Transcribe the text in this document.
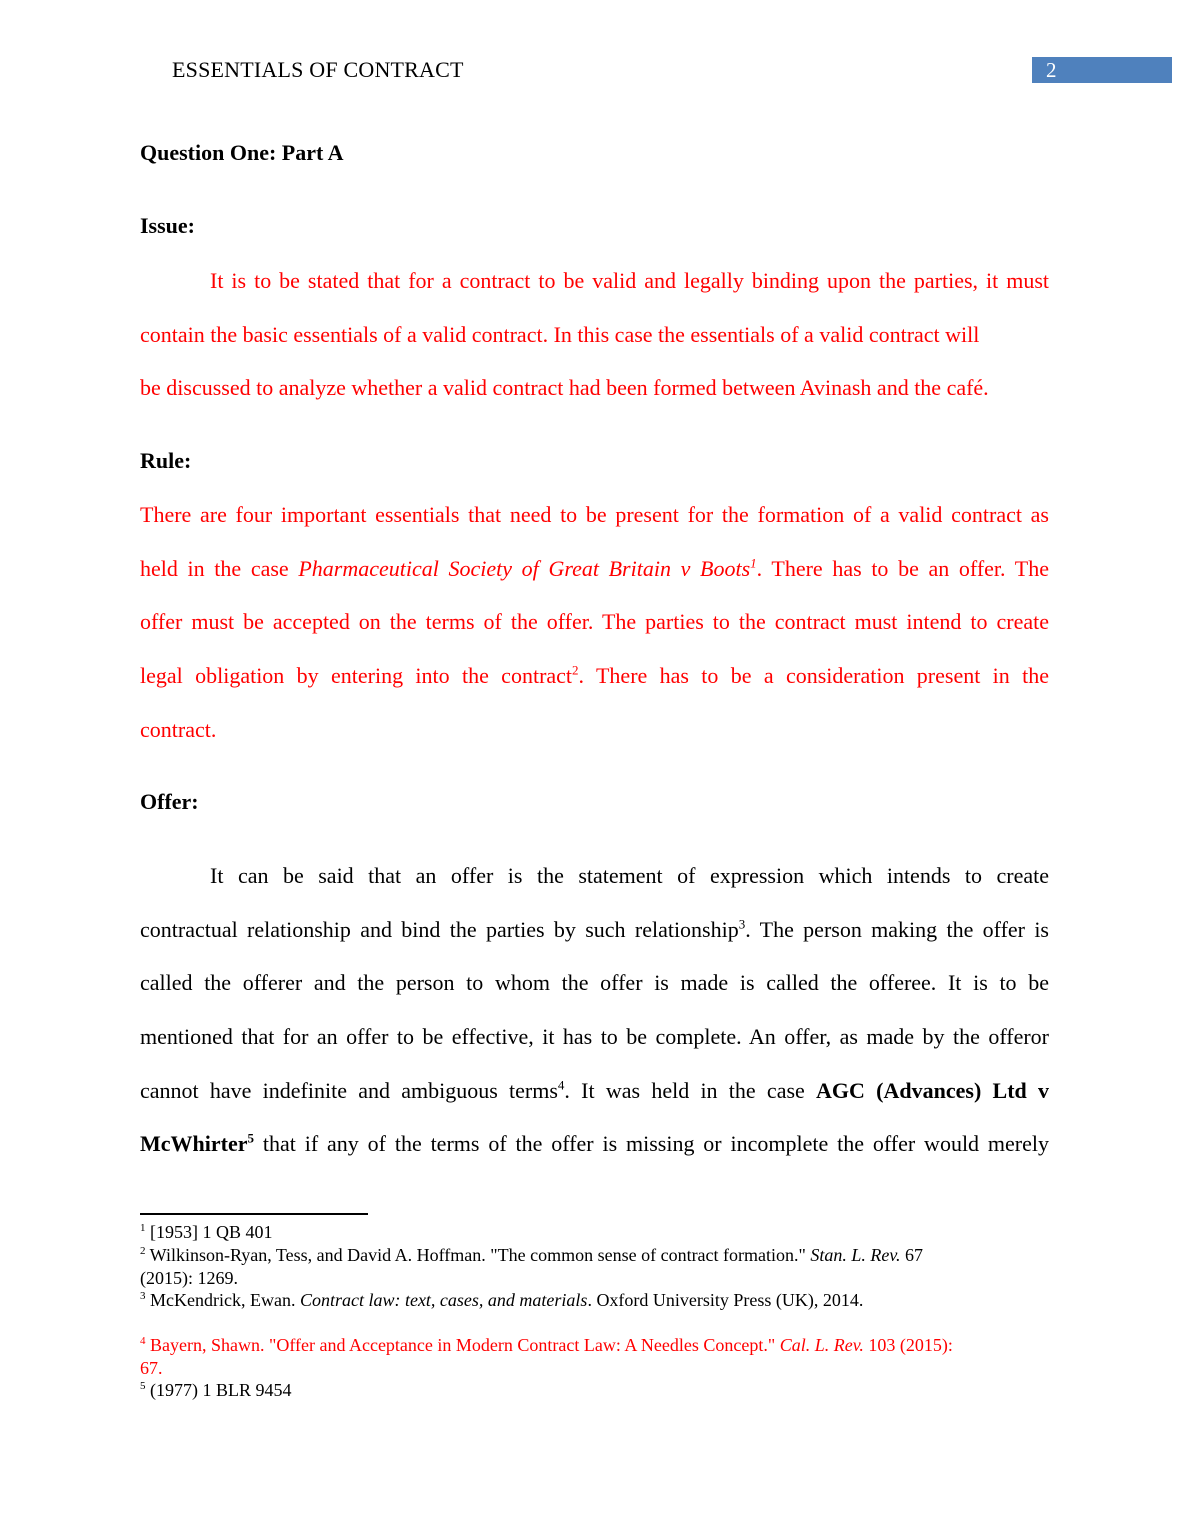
ESSENTIALS OF CONTRACT	2
Question One: Part A
Issue:
It is to be stated that for a contract to be valid and legally binding upon the parties, it must
contain the basic essentials of a valid contract. In this case the essentials of a valid contract will
be discussed to analyze whether a valid contract had been formed between Avinash and the café.
Rule:
There are four important essentials that need to be present for the formation of a valid contract as
held in the case Pharmaceutical Society of Great Britain v Boots$^1$. There has to be an offer. The
offer must be accepted on the terms of the offer. The parties to the contract must intend to create
legal obligation by entering into the contract$^2$. There has to be a consideration present in the
contract.
Offer:
It can be said that an offer is the statement of expression which intends to create
contractual relationship and bind the parties by such relationship$^3$. The person making the offer is
called the offerer and the person to whom the offer is made is called the offeree. It is to be
mentioned that for an offer to be effective, it has to be complete. An offer, as made by the offeror
cannot have indefinite and ambiguous terms$^4$. It was held in the case AGC (Advances) Ltd v
McWhirter$^5$ that if any of the terms of the offer is missing or incomplete the offer would merely
$^1$ [1953] 1 QB 401
$^2$ Wilkinson-Ryan, Tess, and David A. Hoffman. "The common sense of contract formation." Stan. L. Rev. 67
(2015): 1269.
$^3$ McKendrick, Ewan. Contract law: text, cases, and materials. Oxford University Press (UK), 2014.
$^4$ Bayern, Shawn. "Offer and Acceptance in Modern Contract Law: A Needles Concept." Cal. L. Rev. 103 (2015):
67.
$^5$ (1977) 1 BLR 9454
